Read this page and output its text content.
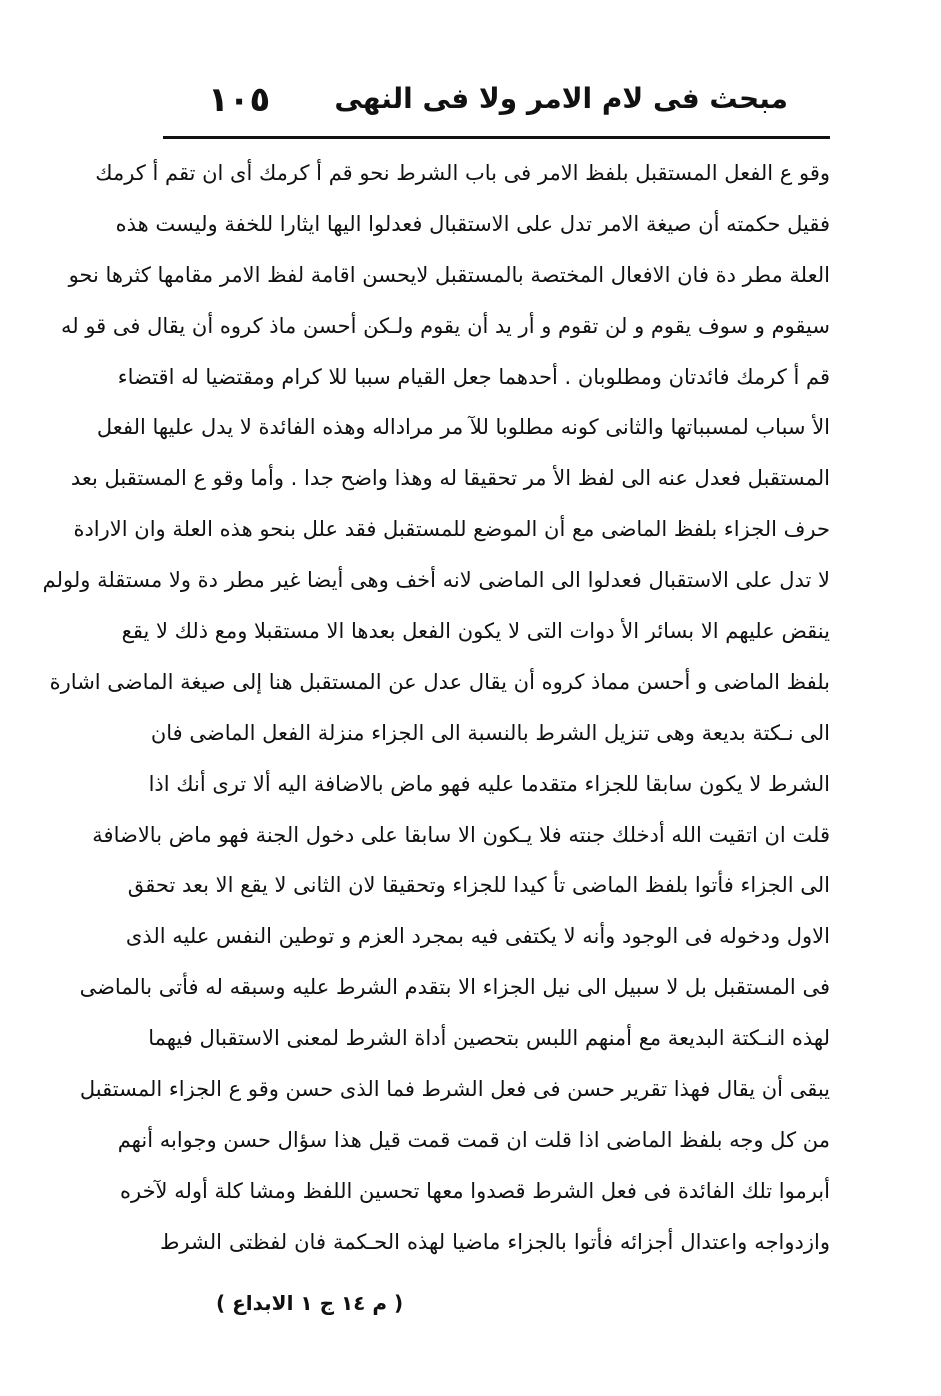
١٠٥ مبحث فى لام الامر ولا فى النهى
وقو ع الفعل المستقبل بلفظ الامر فى باب الشرط نحو قم أ كرمك أى ان تقم أ كرمك
فقيل حكمته أن صيغة الامر تدل على الاستقبال فعدلوا اليها ايثارا للخفة ولیست هذه
العلة مطر دة فان الافعال المختصة بالمستقبل لايحسن اقامة لفظ الامر مقامها كثرها نحو
سيقوم و سوف يقوم و لن تقوم و أر يد أن يقوم ولـكن أحسن ماذ كروه أن يقال فى قو له
قم أ كرمك فائدتان ومطلوبان . أحدهما جعل القيام سببا للا كرام ومقتضيا له اقتضاء
الأ سباب لمسبباتها والثانى كونه مطلوبا للآ مر مراداله وهذه الفائدة لا يدل عليها الفعل
المستقبل فعدل عنه الى لفظ الأ مر تحقيقا له وهذا واضح جدا . وأما وقو ع المستقبل بعد
حرف الجزاء بلفظ الماضى مع أن الموضع للمستقبل فقد علل بنحو هذه العلة وان الارادة
لا تدل على الاستقبال فعدلوا الى الماضى لانه أخف وهى أيضا غير مطر دة ولا مستقلة ولولم
ينقض عليهم الا بسائر الأ دوات التى لا يكون الفعل بعدها الا مستقبلا ومع ذلك لا يقع
بلفظ الماضى و أحسن مماذ كروه أن يقال عدل عن المستقبل هنا إلى صيغة الماضى اشارة
الى نـكتة بديعة وهى تنزيل الشرط بالنسبة الى الجزاء منزلة الفعل الماضى فان
الشرط لا يكون سابقا للجزاء متقدما عليه فهو ماض بالاضافة اليه ألا ترى أنك اذا
قلت ان اتقيت الله أدخلك جنته فلا يـكون الا سابقا على دخول الجنة فهو ماض بالاضافة
الى الجزاء فأتوا بلفظ الماضى تأ كيدا للجزاء وتحقيقا لان الثانى لا يقع الا بعد تحقق
الاول ودخوله فى الوجود وأنه لا يكتفى فيه بمجرد العزم و توطين النفس عليه الذى
فى المستقبل بل لا سبيل الى نيل الجزاء الا بتقدم الشرط عليه وسبقه له فأتى بالماضى
لهذه النـكتة البديعة مع أمنهم اللبس بتحصين أداة الشرط لمعنى الاستقبال فيهما
يبقى أن يقال فهذا تقرير حسن فى فعل الشرط فما الذى حسن وقو ع الجزاء المستقبل
من كل وجه بلفظ الماضى اذا قلت ان قمت قمت قيل هذا سؤال حسن وجوابه أنهم
أبرموا تلك الفائدة فى فعل الشرط قصدوا معها تحسين اللفظ ومشا كلة أوله لآخره
وازدواجه واعتدال أجزائه فأتوا بالجزاء ماضيا لهذه الحـكمة فان لفظتى الشرط
( م ١٤ ج ١ الابداع )
